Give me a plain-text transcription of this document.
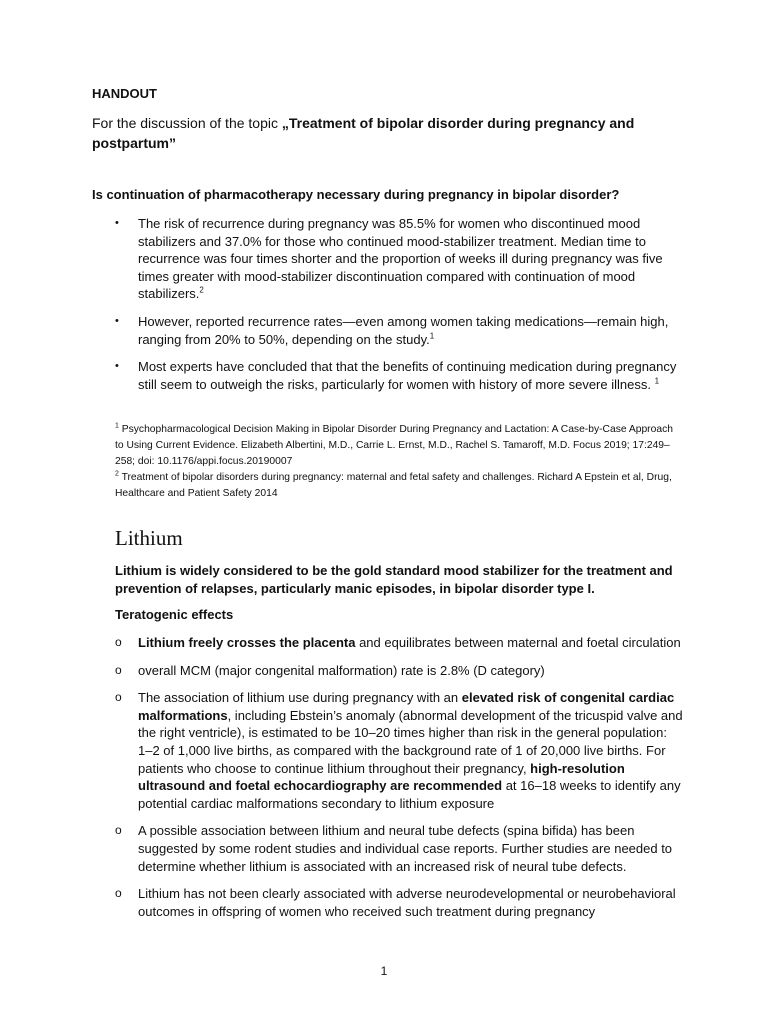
HANDOUT

For the discussion of the topic „Treatment of bipolar disorder during pregnancy and postpartum”

Is continuation of pharmacotherapy necessary during pregnancy in bipolar disorder?

• The risk of recurrence during pregnancy was 85.5% for women who discontinued mood stabilizers and 37.0% for those who continued mood-stabilizer treatment. Median time to recurrence was four times shorter and the proportion of weeks ill during pregnancy was five times greater with mood-stabilizer discontinuation compared with continuation of mood stabilizers.$^2$
• However, reported recurrence rates—even among women taking medications—remain high, ranging from 20% to 50%, depending on the study.$^1$
• Most experts have concluded that that the benefits of continuing medication during pregnancy still seem to outweigh the risks, particularly for women with history of more severe illness. $^1$
$^1$ Psychopharmacological Decision Making in Bipolar Disorder During Pregnancy and Lactation: A Case-by-Case Approach to Using Current Evidence. Elizabeth Albertini, M.D., Carrie L. Ernst, M.D., Rachel S. Tamaroff, M.D. Focus 2019; 17:249–258; doi: 10.1176/appi.focus.20190007
$^2$ Treatment of bipolar disorders during pregnancy: maternal and fetal safety and challenges. Richard A Epstein et al, Drug, Healthcare and Patient Safety 2014

Lithium

Lithium is widely considered to be the gold standard mood stabilizer for the treatment and prevention of relapses, particularly manic episodes, in bipolar disorder type I.

Teratogenic effects

o Lithium freely crosses the placenta and equilibrates between maternal and foetal circulation
o overall MCM (major congenital malformation) rate is 2.8% (D category)
o The association of lithium use during pregnancy with an elevated risk of congenital cardiac malformations, including Ebstein’s anomaly (abnormal development of the tricuspid valve and the right ventricle), is estimated to be 10–20 times higher than risk in the general population: 1–2 of 1,000 live births, as compared with the background rate of 1 of 20,000 live births. For patients who choose to continue lithium throughout their pregnancy, high-resolution ultrasound and foetal echocardiography are recommended at 16–18 weeks to identify any potential cardiac malformations secondary to lithium exposure
o A possible association between lithium and neural tube defects (spina bifida) has been suggested by some rodent studies and individual case reports. Further studies are needed to determine whether lithium is associated with an increased risk of neural tube defects.
o Lithium has not been clearly associated with adverse neurodevelopmental or neurobehavioral outcomes in offspring of women who received such treatment during pregnancy

1
